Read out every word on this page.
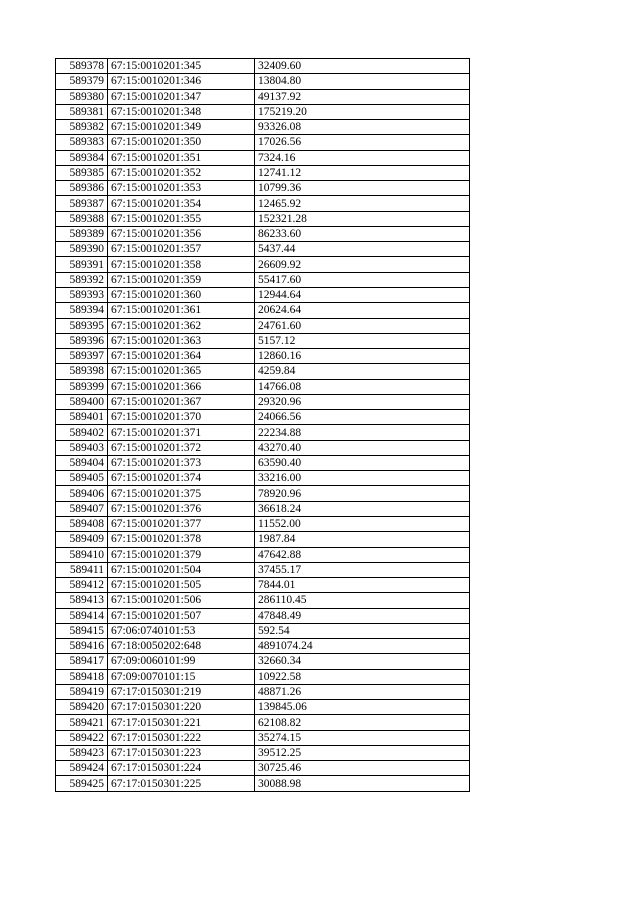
589378	67:15:0010201:345	32409.60
589379	67:15:0010201:346	13804.80
589380	67:15:0010201:347	49137.92
589381	67:15:0010201:348	175219.20
589382	67:15:0010201:349	93326.08
589383	67:15:0010201:350	17026.56
589384	67:15:0010201:351	7324.16
589385	67:15:0010201:352	12741.12
589386	67:15:0010201:353	10799.36
589387	67:15:0010201:354	12465.92
589388	67:15:0010201:355	152321.28
589389	67:15:0010201:356	86233.60
589390	67:15:0010201:357	5437.44
589391	67:15:0010201:358	26609.92
589392	67:15:0010201:359	55417.60
589393	67:15:0010201:360	12944.64
589394	67:15:0010201:361	20624.64
589395	67:15:0010201:362	24761.60
589396	67:15:0010201:363	5157.12
589397	67:15:0010201:364	12860.16
589398	67:15:0010201:365	4259.84
589399	67:15:0010201:366	14766.08
589400	67:15:0010201:367	29320.96
589401	67:15:0010201:370	24066.56
589402	67:15:0010201:371	22234.88
589403	67:15:0010201:372	43270.40
589404	67:15:0010201:373	63590.40
589405	67:15:0010201:374	33216.00
589406	67:15:0010201:375	78920.96
589407	67:15:0010201:376	36618.24
589408	67:15:0010201:377	11552.00
589409	67:15:0010201:378	1987.84
589410	67:15:0010201:379	47642.88
589411	67:15:0010201:504	37455.17
589412	67:15:0010201:505	7844.01
589413	67:15:0010201:506	286110.45
589414	67:15:0010201:507	47848.49
589415	67:06:0740101:53	592.54
589416	67:18:0050202:648	4891074.24
589417	67:09:0060101:99	32660.34
589418	67:09:0070101:15	10922.58
589419	67:17:0150301:219	48871.26
589420	67:17:0150301:220	139845.06
589421	67:17:0150301:221	62108.82
589422	67:17:0150301:222	35274.15
589423	67:17:0150301:223	39512.25
589424	67:17:0150301:224	30725.46
589425	67:17:0150301:225	30088.98
